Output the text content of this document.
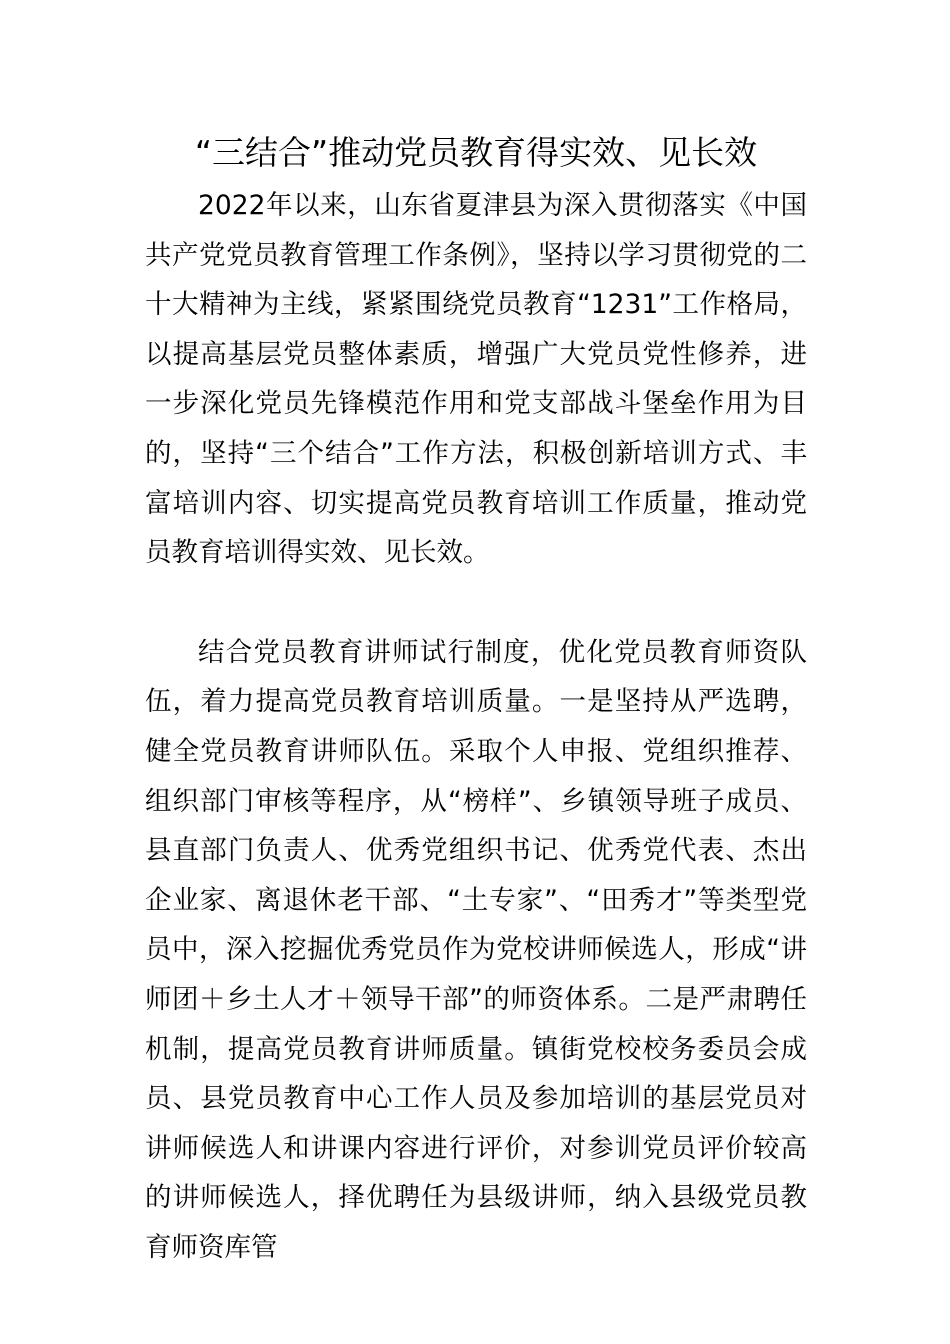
“三结合”推动党员教育得实效、见长效

2022年以来，山东省夏津县为深入贯彻落实《中国共产党党员教育管理工作条例》，坚持以学习贯彻党的二十大精神为主线，紧紧围绕党员教育“1231”工作格局，以提高基层党员整体素质，增强广大党员党性修养，进一步深化党员先锋模范作用和党支部战斗堡垒作用为目的，坚持“三个结合”工作方法，积极创新培训方式、丰富培训内容、切实提高党员教育培训工作质量，推动党员教育培训得实效、见长效。

结合党员教育讲师试行制度，优化党员教育师资队伍，着力提高党员教育培训质量。一是坚持从严选聘，健全党员教育讲师队伍。采取个人申报、党组织推荐、组织部门审核等程序，从“榜样”、乡镇领导班子成员、县直部门负责人、优秀党组织书记、优秀党代表、杰出企业家、离退休老干部、“土专家”、“田秀才”等类型党员中，深入挖掘优秀党员作为党校讲师候选人，形成“讲师团＋乡土人才＋领导干部”的师资体系。二是严肃聘任机制，提高党员教育讲师质量。镇街党校校务委员会成员、县党员教育中心工作人员及参加培训的基层党员对讲师候选人和讲课内容进行评价，对参训党员评价较高的讲师候选人，择优聘任为县级讲师，纳入县级党员教育师资库管
